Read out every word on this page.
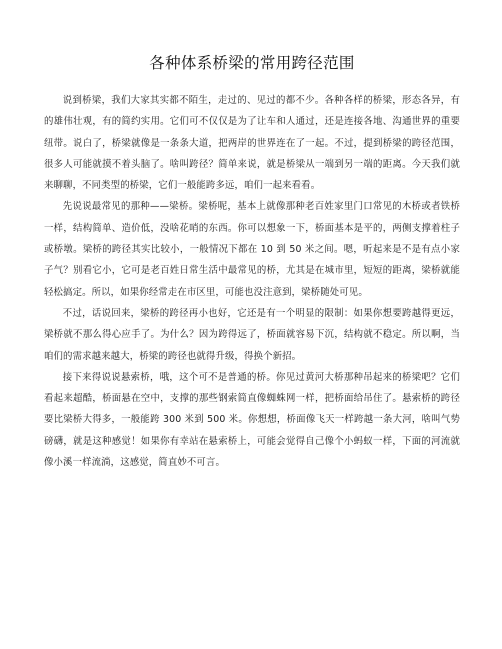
各种体系桥梁的常用跨径范围

说到桥梁，我们大家其实都不陌生，走过的、见过的都不少。各种各样的桥梁，形态各异，有的雄伟壮观，有的简约实用。它们可不仅仅是为了让车和人通过，还是连接各地、沟通世界的重要纽带。说白了，桥梁就像是一条条大道，把两岸的世界连在了一起。不过，提到桥梁的跨径范围，很多人可能就摸不着头脑了。啥叫跨径？简单来说，就是桥梁从一端到另一端的距离。今天我们就来聊聊，不同类型的桥梁，它们一般能跨多远，咱们一起来看看。

先说说最常见的那种——梁桥。梁桥呢，基本上就像那种老百姓家里门口常见的木桥或者铁桥一样，结构简单、造价低，没啥花哨的东西。你可以想象一下，桥面基本是平的，两侧支撑着柱子或桥墩。梁桥的跨径其实比较小，一般情况下都在 10 到 50 米之间。嗯，听起来是不是有点小家子气？别看它小，它可是老百姓日常生活中最常见的桥，尤其是在城市里，短短的距离，梁桥就能轻松搞定。所以，如果你经常走在市区里，可能也没注意到，梁桥随处可见。

不过，话说回来，梁桥的跨径再小也好，它还是有一个明显的限制：如果你想要跨越得更远，梁桥就不那么得心应手了。为什么？因为跨得远了，桥面就容易下沉，结构就不稳定。所以啊，当咱们的需求越来越大，桥梁的跨径也就得升级，得换个新招。

接下来得说说悬索桥，哦，这个可不是普通的桥。你见过黄河大桥那种吊起来的桥梁吧？它们看起来超酷，桥面悬在空中，支撑的那些钢索简直像蜘蛛网一样，把桥面给吊住了。悬索桥的跨径要比梁桥大得多，一般能跨 300 米到 500 米。你想想，桥面像飞天一样跨越一条大河，啥叫气势磅礴，就是这种感觉！如果你有幸站在悬索桥上，可能会觉得自己像个小蚂蚁一样，下面的河流就像小溪一样流淌，这感觉，简直妙不可言。
